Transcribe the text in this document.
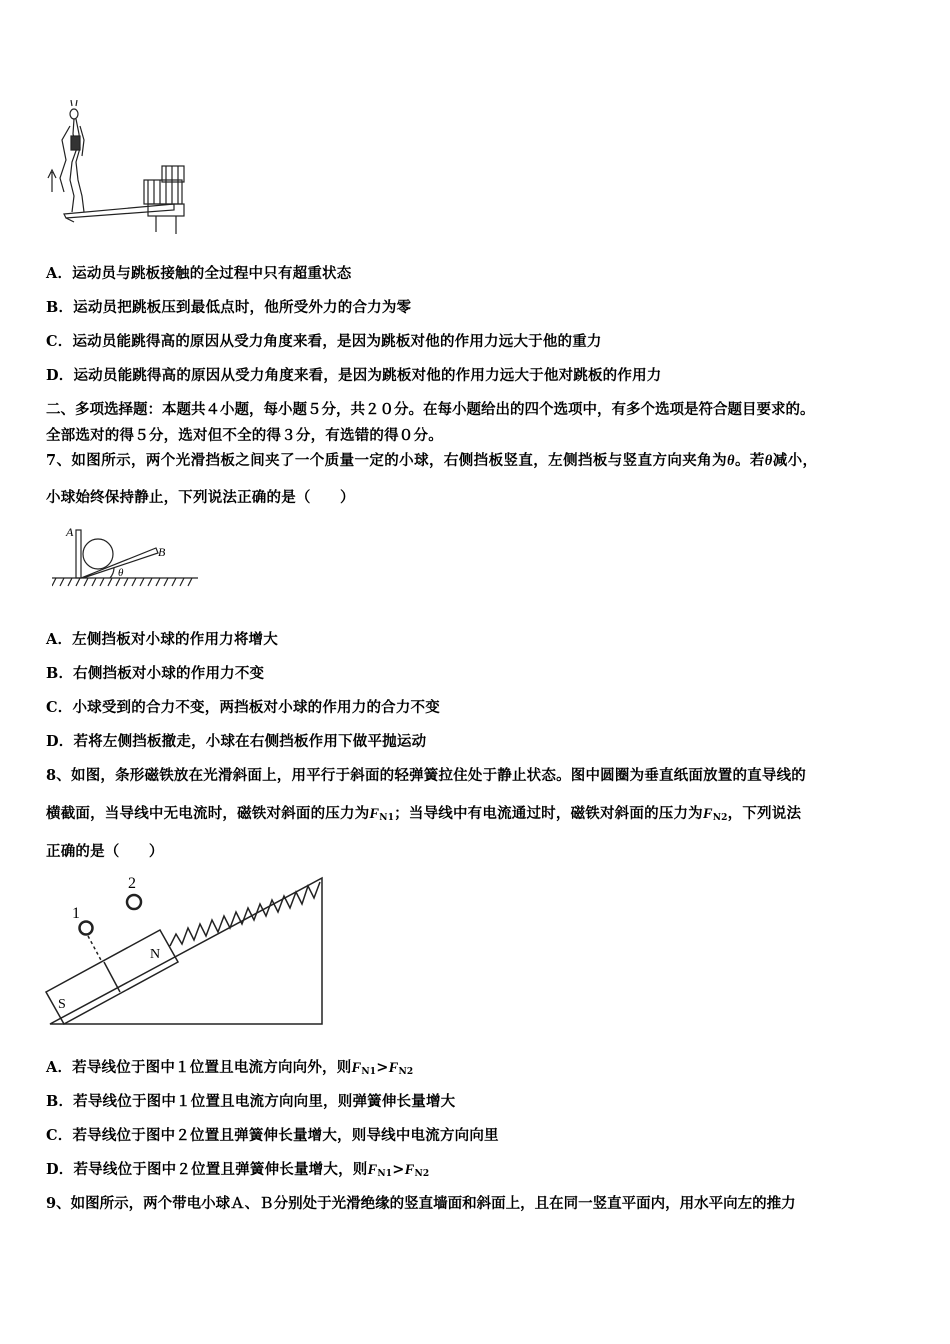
A．运动员与跳板接触的全过程中只有超重状态
B．运动员把跳板压到最低点时，他所受外力的合力为零
C．运动员能跳得高的原因从受力角度来看，是因为跳板对他的作用力远大于他的重力
D．运动员能跳得高的原因从受力角度来看，是因为跳板对他的作用力远大于他对跳板的作用力
二、多项选择题：本题共４小题，每小题５分，共２０分。在每小题给出的四个选项中，有多个选项是符合题目要求的。
全部选对的得５分，选对但不全的得３分，有选错的得０分。
7、如图所示，两个光滑挡板之间夹了一个质量一定的小球，右侧挡板竖直，左侧挡板与竖直方向夹角为θ。若θ减小，
小球始终保持静止，下列说法正确的是（　　）
A
B
θ
A．左侧挡板对小球的作用力将增大
B．右侧挡板对小球的作用力不变
C．小球受到的合力不变，两挡板对小球的作用力的合力不变
D．若将左侧挡板撤走，小球在右侧挡板作用下做平抛运动
8、如图，条形磁铁放在光滑斜面上，用平行于斜面的轻弹簧拉住处于静止状态。图中圆圈为垂直纸面放置的直导线的
横截面，当导线中无电流时，磁铁对斜面的压力为$F_{N1}$；当导线中有电流通过时，磁铁对斜面的压力为$F_{N2}$，下列说法
正确的是（　　）
1
2
N
S
A．若导线位于图中１位置且电流方向向外，则$F_{N1}>F_{N2}$
B．若导线位于图中１位置且电流方向向里，则弹簧伸长量增大
C．若导线位于图中２位置且弹簧伸长量增大，则导线中电流方向向里
D．若导线位于图中２位置且弹簧伸长量增大，则$F_{N1}>F_{N2}$
9、如图所示，两个带电小球Ａ、Ｂ分别处于光滑绝缘的竖直墙面和斜面上，且在同一竖直平面内，用水平向左的推力
